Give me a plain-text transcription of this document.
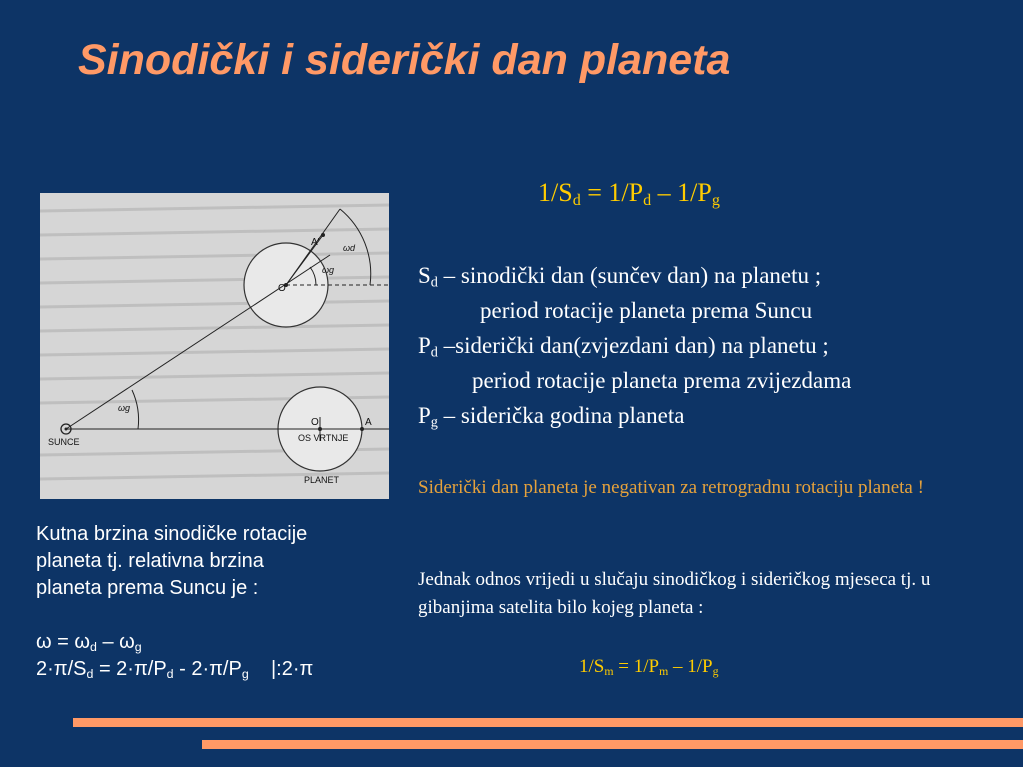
Sinodički i siderički dan planeta
SUNCE
PLANET
OS VRTNJE
O
O
A'
A
ωd
ωg
ωg
Kutna brzina sinodičke rotacije
planeta tj. relativna brzina
planeta prema Suncu je :
$\omega = \omega_d - \omega_g$
$2\cdot\pi/S_d = 2\cdot\pi/P_d - 2\cdot\pi/P_g$    |:2·π
$1/S_d = 1/P_d - 1/P_g$
$S_d$ – sinodički dan (sunčev dan) na planetu ;
period rotacije planeta prema Suncu
$P_d$ –siderički dan(zvjezdani dan) na planetu ;
period rotacije planeta prema zvijezdama
$P_g$ – siderička godina planeta
Siderički dan planeta je negativan za retrogradnu rotaciju planeta !
Jednak odnos vrijedi u slučaju sinodičkog i sideričkog mjeseca tj. u gibanjima satelita bilo kojeg planeta :
$1/S_m = 1/P_m - 1/P_g$
